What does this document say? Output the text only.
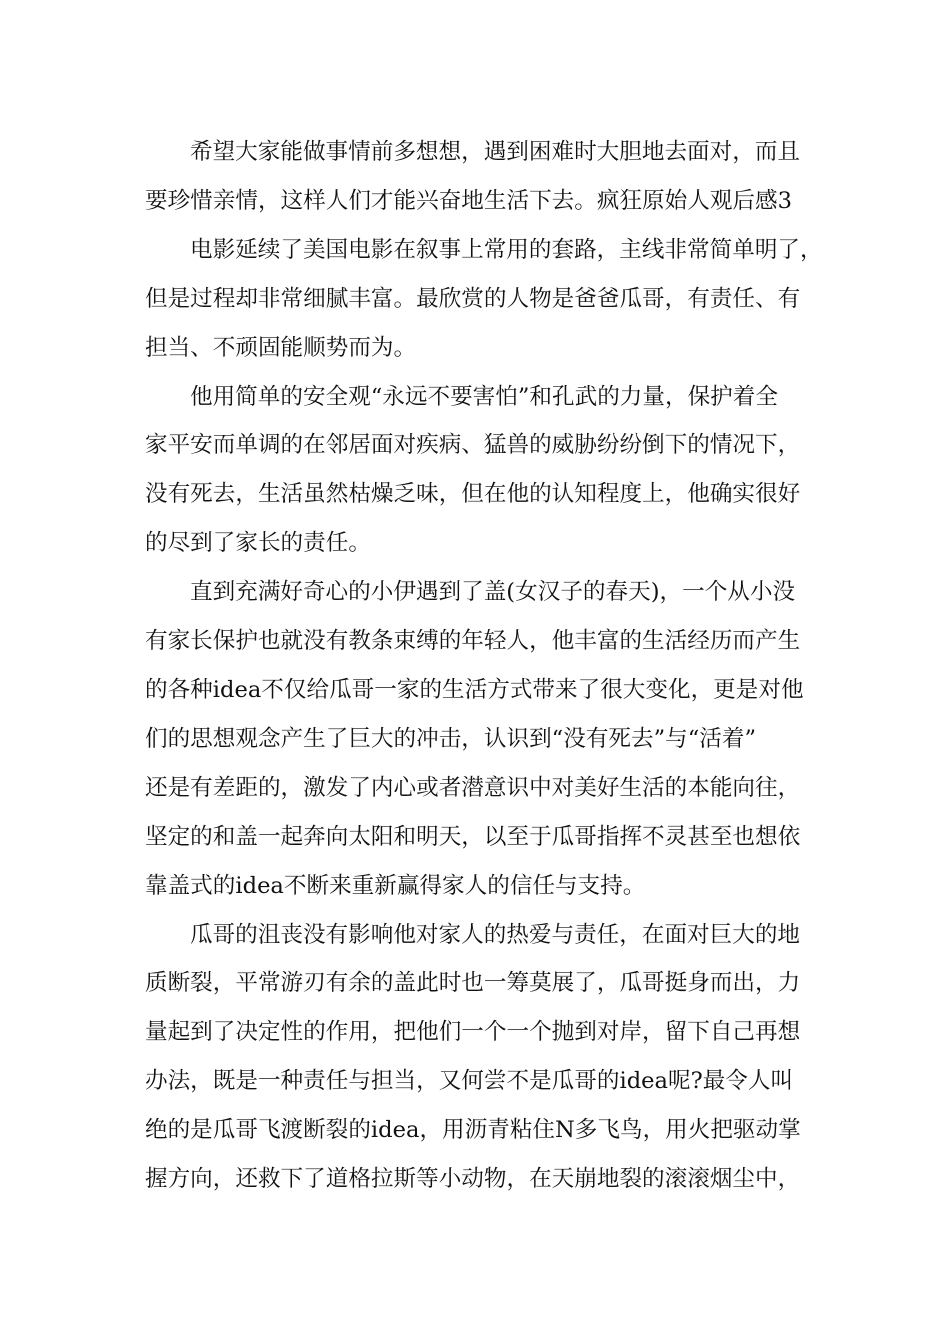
希望大家能做事情前多想想，遇到困难时大胆地去面对，而且
要珍惜亲情，这样人们才能兴奋地生活下去。疯狂原始人观后感3

电影延续了美国电影在叙事上常用的套路，主线非常简单明了，
但是过程却非常细腻丰富。最欣赏的人物是爸爸瓜哥，有责任、有
担当、不顽固能顺势而为。

他用简单的安全观“永远不要害怕”和孔武的力量，保护着全
家平安而单调的在邻居面对疾病、猛兽的威胁纷纷倒下的情况下，
没有死去，生活虽然枯燥乏味，但在他的认知程度上，他确实很好
的尽到了家长的责任。

直到充满好奇心的小伊遇到了盖(女汉子的春天)，一个从小没
有家长保护也就没有教条束缚的年轻人，他丰富的生活经历而产生
的各种idea不仅给瓜哥一家的生活方式带来了很大变化，更是对他
们的思想观念产生了巨大的冲击，认识到“没有死去”与“活着”
还是有差距的，激发了内心或者潜意识中对美好生活的本能向往，
坚定的和盖一起奔向太阳和明天，以至于瓜哥指挥不灵甚至也想依
靠盖式的idea不断来重新赢得家人的信任与支持。

瓜哥的沮丧没有影响他对家人的热爱与责任，在面对巨大的地
质断裂，平常游刃有余的盖此时也一筹莫展了，瓜哥挺身而出，力
量起到了决定性的作用，把他们一个一个抛到对岸，留下自己再想
办法，既是一种责任与担当，又何尝不是瓜哥的idea呢?最令人叫
绝的是瓜哥飞渡断裂的idea，用沥青粘住N多飞鸟，用火把驱动掌
握方向，还救下了道格拉斯等小动物，在天崩地裂的滚滚烟尘中，
